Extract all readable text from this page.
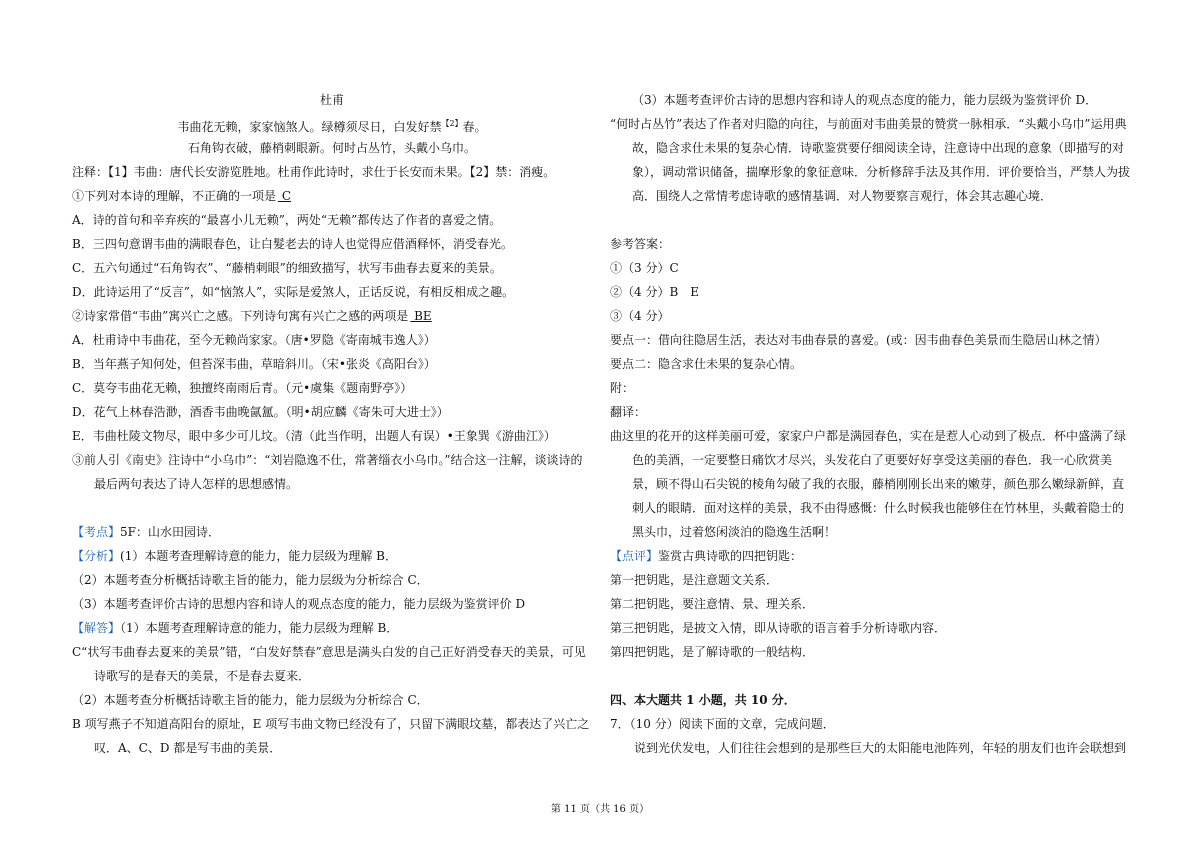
杜甫
韦曲花无赖，家家恼煞人。绿樽须尽日，白发好禁$^{【2】}$春。
石角钩衣破，藤梢刺眼新。何时占丛竹，头戴小乌巾。
注释：【1】韦曲：唐代长安游览胜地。杜甫作此诗时，求仕于长安而未果。【2】禁：消瘦。
①下列对本诗的理解，不正确的一项是 C
A．诗的首句和辛弃疾的“最喜小儿无赖”，两处“无赖”都传达了作者的喜爱之情。
B．三四句意谓韦曲的满眼春色，让白髮老去的诗人也觉得应借酒释怀，消受春光。
C．五六句通过“石角钩衣”、“藤梢刺眼”的细致描写，状写韦曲春去夏来的美景。
D．此诗运用了“反言”，如“恼煞人”，实际是爱煞人，正话反说，有相反相成之趣。
②诗家常借“韦曲”寓兴亡之感。下列诗句寓有兴亡之感的两项是 BE
A．杜甫诗中韦曲花，至今无赖尚家家。（唐•罗隐《寄南城韦逸人》）
B．当年燕子知何处，但苔深韦曲，草暗斜川。（宋•张炎《高阳台》）
C．莫夸韦曲花无赖，独擅终南雨后青。（元•虞集《题南野亭》）
D．花气上林春浩渺，酒香韦曲晚氤氲。（明•胡应麟《寄朱可大进士》）
E．韦曲杜陵文物尽，眼中多少可儿坟。（清（此当作明，出题人有误）•王象巽《游曲江》）
③前人引《南史》注诗中“小乌巾”：“刘岩隐逸不仕，常著缁衣小乌巾。”结合这一注解，谈谈诗的最后两句表达了诗人怎样的思想感情。
【考点】5F：山水田园诗．
【分析】(1）本题考查理解诗意的能力，能力层级为理解 B．
（2）本题考查分析概括诗歌主旨的能力，能力层级为分析综合 C．
（3）本题考查评价古诗的思想内容和诗人的观点态度的能力，能力层级为鉴赏评价 D
【解答】（1）本题考查理解诗意的能力，能力层级为理解 B．
C“状写韦曲春去夏来的美景”错，“白发好禁春”意思是满头白发的自己正好消受春天的美景，可见诗歌写的是春天的美景，不是春去夏来．
（2）本题考查分析概括诗歌主旨的能力，能力层级为分析综合 C．
B 项写燕子不知道高阳台的原址，E 项写韦曲文物已经没有了，只留下满眼坟墓，都表达了兴亡之叹．A、C、D 都是写韦曲的美景．
（3）本题考查评价古诗的思想内容和诗人的观点态度的能力，能力层级为鉴赏评价 D．
“何时占丛竹”表达了作者对归隐的向往，与前面对韦曲美景的赞赏一脉相承．“头戴小乌巾”运用典故，隐含求仕未果的复杂心情．诗歌鉴赏要仔细阅读全诗，注意诗中出现的意象（即描写的对象），调动常识储备，揣摩形象的象征意味．分析修辞手法及其作用．评价要恰当，严禁人为拔高．围绕人之常情考虑诗歌的感情基调．对人物要察言观行，体会其志趣心境．
参考答案：
①（3 分）C
②（4 分）B　E
③（4 分）
要点一：借向往隐居生活，表达对韦曲春景的喜爱。(或：因韦曲春色美景而生隐居山林之情）
要点二：隐含求仕未果的复杂心情。
附：
翻译：
曲这里的花开的这样美丽可爱，家家户户都是满园春色，实在是惹人心动到了极点．杯中盛满了绿色的美酒，一定要整日痛饮才尽兴，头发花白了更要好好享受这美丽的春色．我一心欣赏美景，顾不得山石尖锐的棱角勾破了我的衣服，藤梢刚刚长出来的嫩芽，颜色那么嫩绿新鲜，直刺人的眼睛．面对这样的美景，我不由得感慨：什么时候我也能够住在竹林里，头戴着隐士的黑头巾，过着悠闲淡泊的隐逸生活啊！
【点评】鉴赏古典诗歌的四把钥匙：
第一把钥匙，是注意题文关系．
第二把钥匙，要注意情、景、理关系．
第三把钥匙，是披文入情，即从诗歌的语言着手分析诗歌内容．
第四把钥匙，是了解诗歌的一般结构．
四、本大题共 1 小题，共 10 分．
7．（10 分）阅读下面的文章，完成问题．
说到光伏发电，人们往往会想到的是那些巨大的太阳能电池阵列，年轻的朋友们也许会联想到
第 11 页（共 16 页）
